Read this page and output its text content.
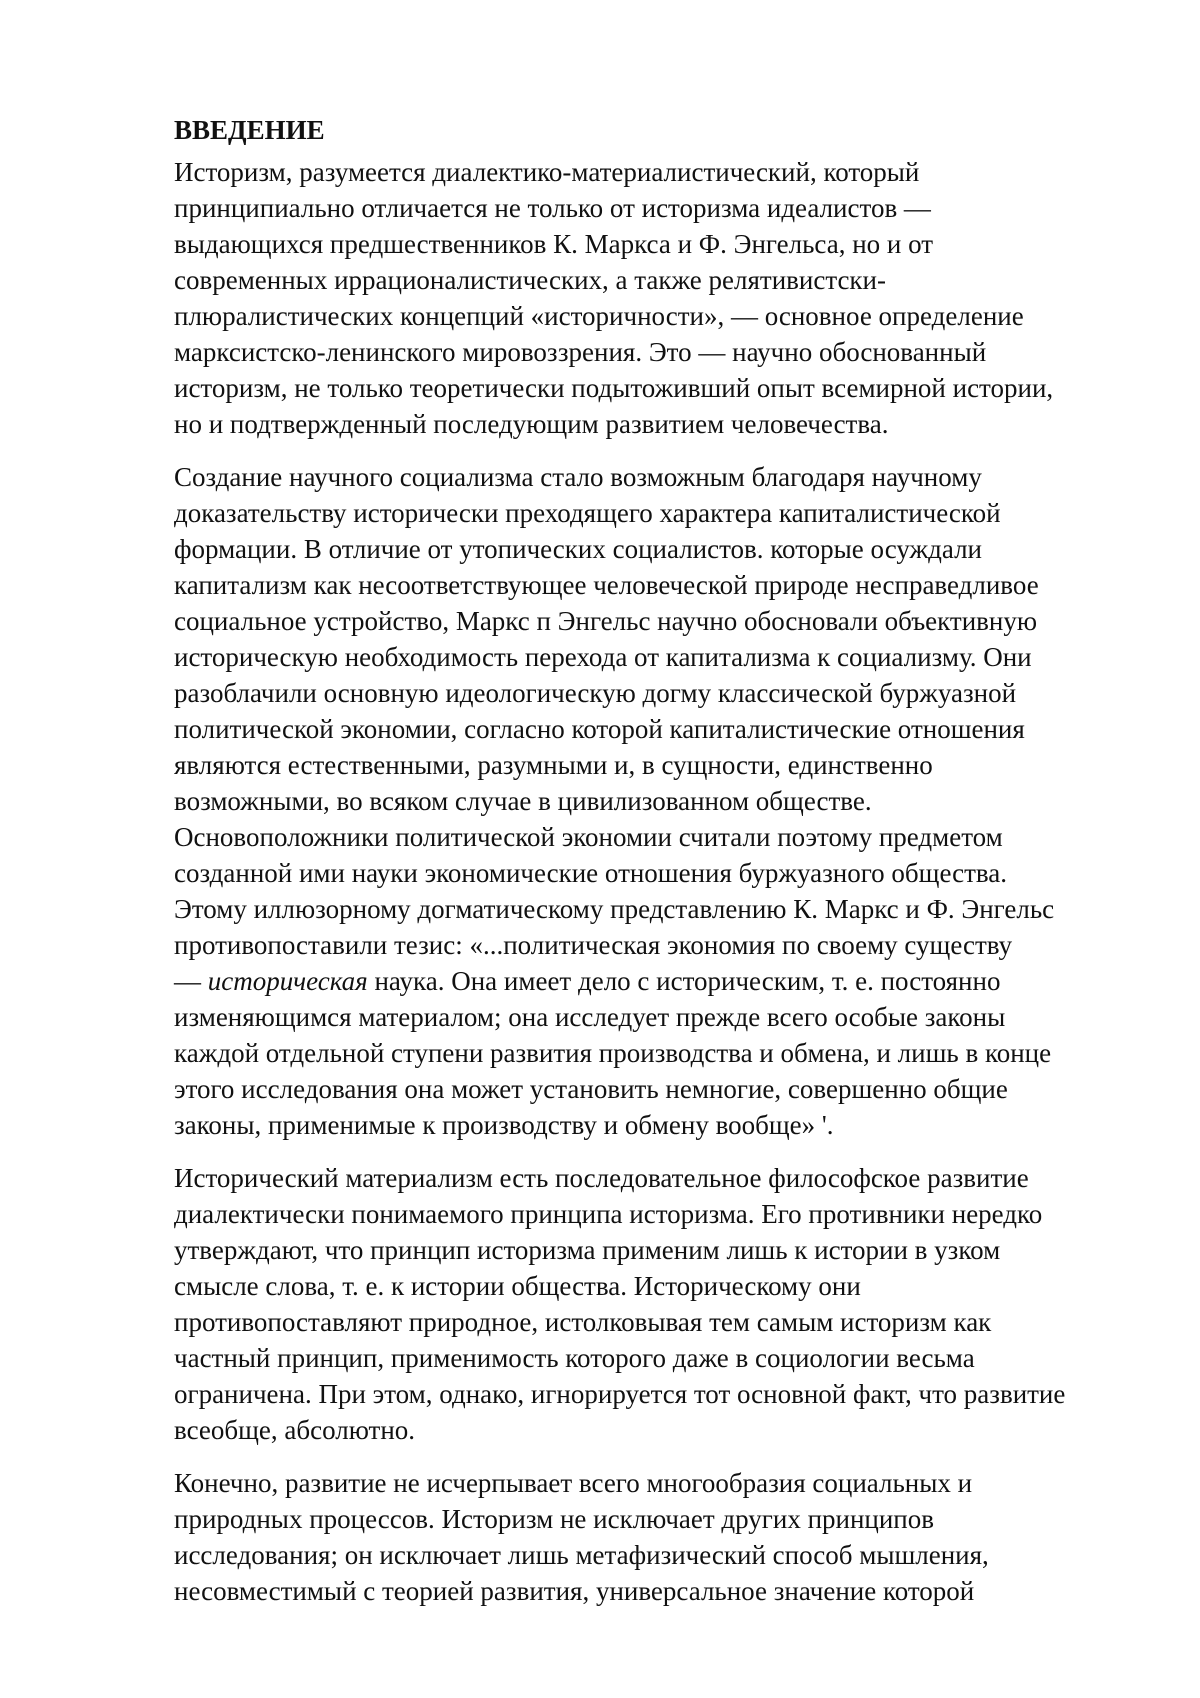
ВВЕДЕНИЕ
Историзм, разумеется диалектико-материалистический, который
принципиально отличается не только от историзма идеалистов —
выдающихся предшественников К. Маркса и Ф. Энгельса, но и от
современных иррационалистических, а также релятивистски-
плюралистических концепций «историчности», — основное определение
марксистско-ленинского мировоззрения. Это — научно обоснованный
историзм, не только теоретически подытоживший опыт всемирной истории,
но и подтвержденный последующим развитием человечества.
Создание научного социализма стало возможным благодаря научному
доказательству исторически преходящего характера капиталистической
формации. В отличие от утопических социалистов. которые осуждали
капитализм как несоответствующее человеческой природе несправедливое
социальное устройство, Маркс п Энгельс научно обосновали объективную
историческую необходимость перехода от капитализма к социализму. Они
разоблачили основную идеологическую догму классической буржуазной
политической экономии, согласно которой капиталистические отношения
являются естественными, разумными и, в сущности, единственно
возможными, во всяком случае в цивилизованном обществе.
Основоположники политической экономии считали поэтому предметом
созданной ими науки экономические отношения буржуазного общества.
Этому иллюзорному догматическому представлению К. Маркс и Ф. Энгельс
противопоставили тезис: «...политическая экономия по своему существу
— историческая наука. Она имеет дело с историческим, т. е. постоянно
изменяющимся материалом; она исследует прежде всего особые законы
каждой отдельной ступени развития производства и обмена, и лишь в конце
этого исследования она может установить немногие, совершенно общие
законы, применимые к производству и обмену вообще» '.
Исторический материализм есть последовательное философское развитие
диалектически понимаемого принципа историзма. Его противники нередко
утверждают, что принцип историзма применим лишь к истории в узком
смысле слова, т. е. к истории общества. Историческому они
противопоставляют природное, истолковывая тем самым историзм как
частный принцип, применимость которого даже в социологии весьма
ограничена. При этом, однако, игнорируется тот основной факт, что развитие
всеобще, абсолютно.
Конечно, развитие не исчерпывает всего многообразия социальных и
природных процессов. Историзм не исключает других принципов
исследования; он исключает лишь метафизический способ мышления,
несовместимый с теорией развития, универсальное значение которой
